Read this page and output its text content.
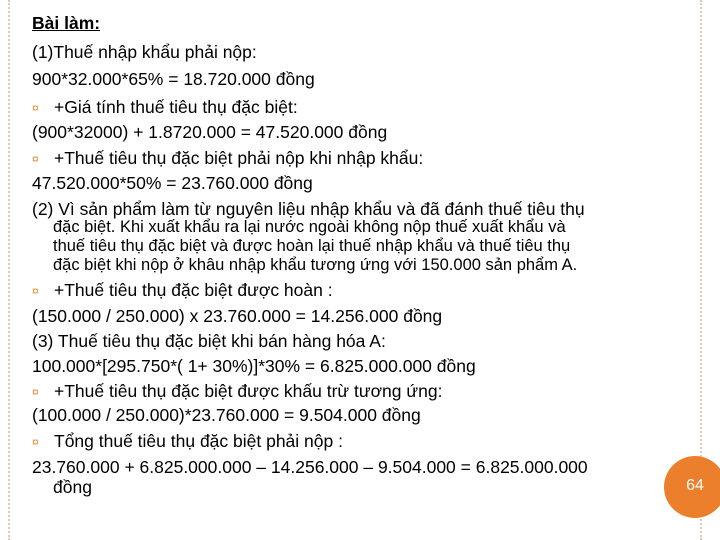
Bài làm:
(1)Thuế nhập khẩu phải nộp:
900*32.000*65% = 18.720.000 đồng
¤ +Giá tính thuế tiêu thụ đặc biệt:
(900*32000) + 1.8720.000 = 47.520.000 đồng
¤ +Thuế tiêu thụ đặc biệt phải nộp khi nhập khẩu:
47.520.000*50% = 23.760.000 đồng
(2) Vì sản phẩm làm từ nguyên liệu nhập khẩu và đã đánh thuế tiêu thụ
đặc biệt. Khi xuất khẩu ra lại nước ngoài không nộp thuế xuất khẩu và
thuế tiêu thụ đặc biệt và được hoàn lại thuế nhập khẩu và thuế tiêu thụ
đặc biệt khi nộp ở khâu nhập khẩu tương ứng với 150.000 sản phẩm A.
¤ +Thuế tiêu thụ đặc biệt được hoàn :
(150.000 / 250.000) x 23.760.000 = 14.256.000 đồng
(3) Thuế tiêu thụ đặc biệt khi bán hàng hóa A:
100.000*[295.750*( 1+ 30%)]*30% = 6.825.000.000 đồng
¤ +Thuế tiêu thụ đặc biệt được khấu trừ tương ứng:
(100.000 / 250.000)*23.760.000 = 9.504.000 đồng
¤ Tổng thuế tiêu thụ đặc biệt phải nộp :
23.760.000 + 6.825.000.000 – 14.256.000 – 9.504.000 = 6.825.000.000
đồng	64
